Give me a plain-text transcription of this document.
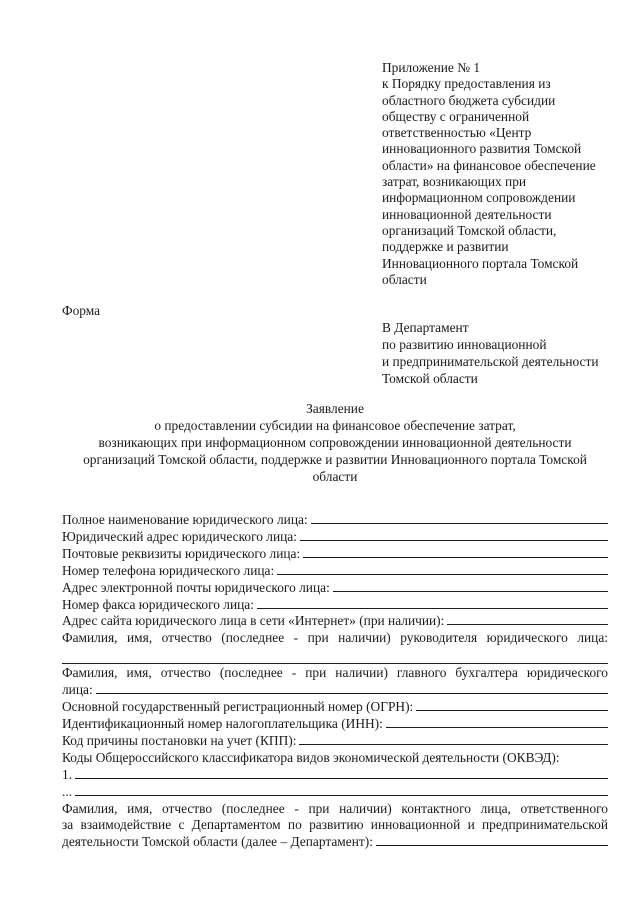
Приложение № 1
к Порядку предоставления из
областного бюджета субсидии
обществу с ограниченной
ответственностью «Центр
инновационного развития Томской
области» на финансовое обеспечение
затрат, возникающих при
информационном сопровождении
инновационной деятельности
организаций Томской области,
поддержке и развитии
Инновационного портала Томской
области
Форма
В Департамент
по развитию инновационной
и предпринимательской деятельности
Томской области
Заявление
о предоставлении субсидии на финансовое обеспечение затрат,
возникающих при информационном сопровождении инновационной деятельности
организаций Томской области, поддержке и развитии Инновационного портала Томской
области
Полное наименование юридического лица:
Юридический адрес юридического лица:
Почтовые реквизиты юридического лица:
Номер телефона юридического лица:
Адрес электронной почты юридического лица:
Номер факса юридического лица:
Адрес сайта юридического лица в сети «Интернет» (при наличии):
Фамилия, имя, отчество (последнее - при наличии) руководителя юридического лица:
Фамилия, имя, отчество (последнее - при наличии) главного бухгалтера юридического
лица:
Основной государственный регистрационный номер (ОГРН):
Идентификационный номер налогоплательщика (ИНН):
Код причины постановки на учет (КПП):
Коды Общероссийского классификатора видов экономической деятельности (ОКВЭД):
1.
...
Фамилия, имя, отчество (последнее - при наличии) контактного лица, ответственного
за взаимодействие с Департаментом по развитию инновационной и предпринимательской
деятельности Томской области (далее – Департамент):
